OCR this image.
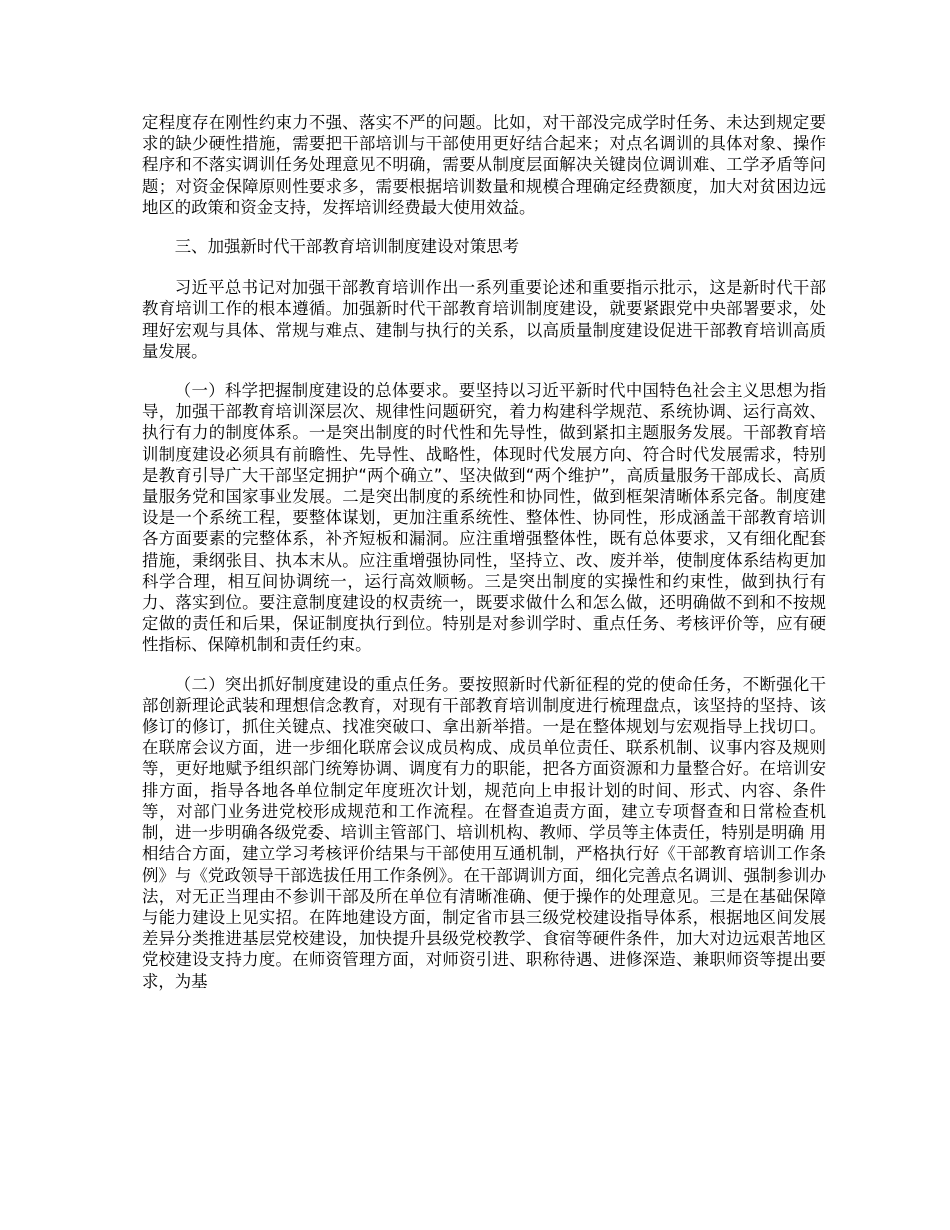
定程度存在刚性约束力不强、落实不严的问题。比如，对干部没完成学时任务、未达到规定要求的缺少硬性措施，需要把干部培训与干部使用更好结合起来；对点名调训的具体对象、操作程序和不落实调训任务处理意见不明确，需要从制度层面解决关键岗位调训难、工学矛盾等问题；对资金保障原则性要求多，需要根据培训数量和规模合理确定经费额度，加大对贫困边远地区的政策和资金支持，发挥培训经费最大使用效益。

三、加强新时代干部教育培训制度建设对策思考

习近平总书记对加强干部教育培训作出一系列重要论述和重要指示批示，这是新时代干部教育培训工作的根本遵循。加强新时代干部教育培训制度建设，就要紧跟党中央部署要求，处理好宏观与具体、常规与难点、建制与执行的关系，以高质量制度建设促进干部教育培训高质量发展。

（一）科学把握制度建设的总体要求。要坚持以习近平新时代中国特色社会主义思想为指导，加强干部教育培训深层次、规律性问题研究，着力构建科学规范、系统协调、运行高效、执行有力的制度体系。一是突出制度的时代性和先导性，做到紧扣主题服务发展。干部教育培训制度建设必须具有前瞻性、先导性、战略性，体现时代发展方向、符合时代发展需求，特别是教育引导广大干部坚定拥护“两个确立”、坚决做到“两个维护”，高质量服务干部成长、高质量服务党和国家事业发展。二是突出制度的系统性和协同性，做到框架清晰体系完备。制度建设是一个系统工程，要整体谋划，更加注重系统性、整体性、协同性，形成涵盖干部教育培训各方面要素的完整体系，补齐短板和漏洞。应注重增强整体性，既有总体要求，又有细化配套措施，秉纲张目、执本末从。应注重增强协同性，坚持立、改、废并举，使制度体系结构更加科学合理，相互间协调统一，运行高效顺畅。三是突出制度的实操性和约束性，做到执行有力、落实到位。要注意制度建设的权责统一，既要求做什么和怎么做，还明确做不到和不按规定做的责任和后果，保证制度执行到位。特别是对参训学时、重点任务、考核评价等，应有硬性指标、保障机制和责任约束。

（二）突出抓好制度建设的重点任务。要按照新时代新征程的党的使命任务，不断强化干部创新理论武装和理想信念教育，对现有干部教育培训制度进行梳理盘点，该坚持的坚持、该修订的修订，抓住关键点、找准突破口、拿出新举措。一是在整体规划与宏观指导上找切口。在联席会议方面，进一步细化联席会议成员构成、成员单位责任、联系机制、议事内容及规则等，更好地赋予组织部门统筹协调、调度有力的职能，把各方面资源和力量整合好。在培训安排方面，指导各地各单位制定年度班次计划，规范向上申报计划的时间、形式、内容、条件等，对部门业务进党校形成规范和工作流程。在督查追责方面，建立专项督查和日常检查机制，进一步明确各级党委、培训主管部门、培训机构、教师、学员等主体责任，特别是明确 用相结合方面，建立学习考核评价结果与干部使用互通机制，严格执行好《干部教育培训工作条例》与《党政领导干部选拔任用工作条例》。在干部调训方面，细化完善点名调训、强制参训办法，对无正当理由不参训干部及所在单位有清晰准确、便于操作的处理意见。三是在基础保障与能力建设上见实招。在阵地建设方面，制定省市县三级党校建设指导体系，根据地区间发展差异分类推进基层党校建设，加快提升县级党校教学、食宿等硬件条件，加大对边远艰苦地区党校建设支持力度。在师资管理方面，对师资引进、职称待遇、进修深造、兼职师资等提出要求，为基
